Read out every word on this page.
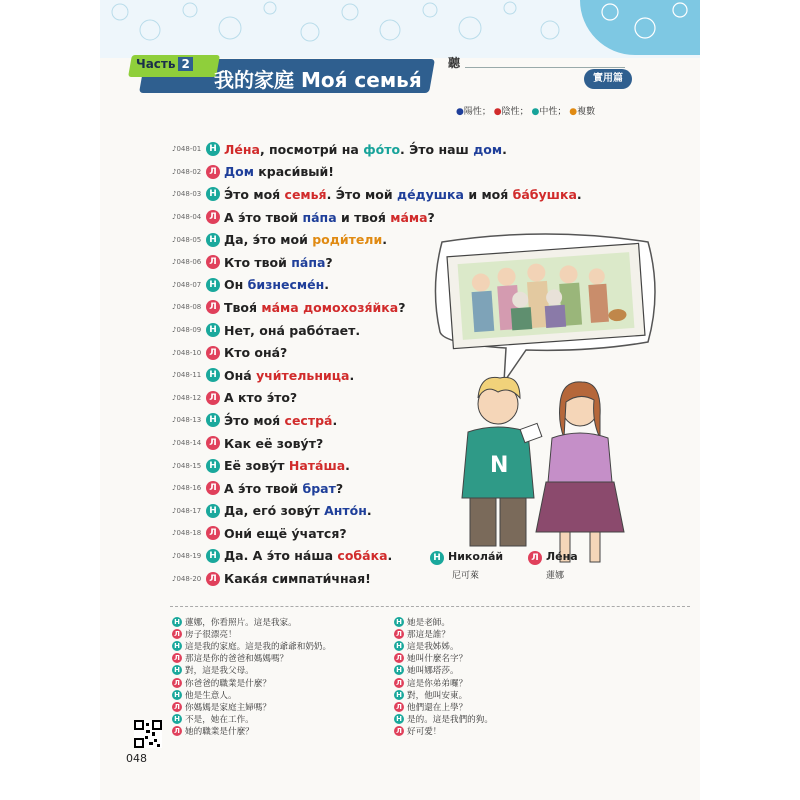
Часть 2
我的家庭 Моя́ семья́
聽
實用篇
●陽性； ●陰性； ●中性； ●複數
♪048-01 Н Ле́на, посмотри́ на фо́то. Э́то наш дом.
♪048-02 Л Дом краси́вый!
♪048-03 Н Э́то моя́ семья́. Э́то мой де́душка и моя́ ба́бушка.
♪048-04 Л А э́то твой па́па и твоя́ ма́ма?
♪048-05 Н Да, э́то мои́ роди́тели.
♪048-06 Л Кто твой па́па?
♪048-07 Н Он бизнесме́н.
♪048-08 Л Твоя́ ма́ма домохозя́йка?
♪048-09 Н Нет, она́ рабо́тает.
♪048-10 Л Кто она́?
♪048-11 Н Она́ учи́тельница.
♪048-12 Л А кто э́то?
♪048-13 Н Э́то моя́ сестра́.
♪048-14 Л Как её зову́т?
♪048-15 Н Её зову́т Ната́ша.
♪048-16 Л А э́то твой брат?
♪048-17 Н Да, его́ зову́т Анто́н.
♪048-18 Л Они́ ещё у́чатся?
♪048-19 Н Да. А э́то на́ша соба́ка.
♪048-20 Л Кака́я симпати́чная!
N
Н Никола́й
尼可萊
Л Ле́на
蓮娜
Н 蓮娜，你看照片。這是我家。
Л 房子很漂亮！
Н 這是我的家庭。這是我的爺爺和奶奶。
Л 那這是你的爸爸和媽媽嗎？
Н 對，這是我父母。
Л 你爸爸的職業是什麼？
Н 他是生意人。
Л 你媽媽是家庭主婦嗎？
Н 不是，她在工作。
Л 她的職業是什麼？
Н 她是老師。
Л 那這是誰？
Н 這是我姊姊。
Л 她叫什麼名字？
Н 她叫娜塔莎。
Л 這是你弟弟囉？
Н 對，他叫安東。
Л 他們還在上學？
Н 是的。這是我們的狗。
Л 好可愛！
048
